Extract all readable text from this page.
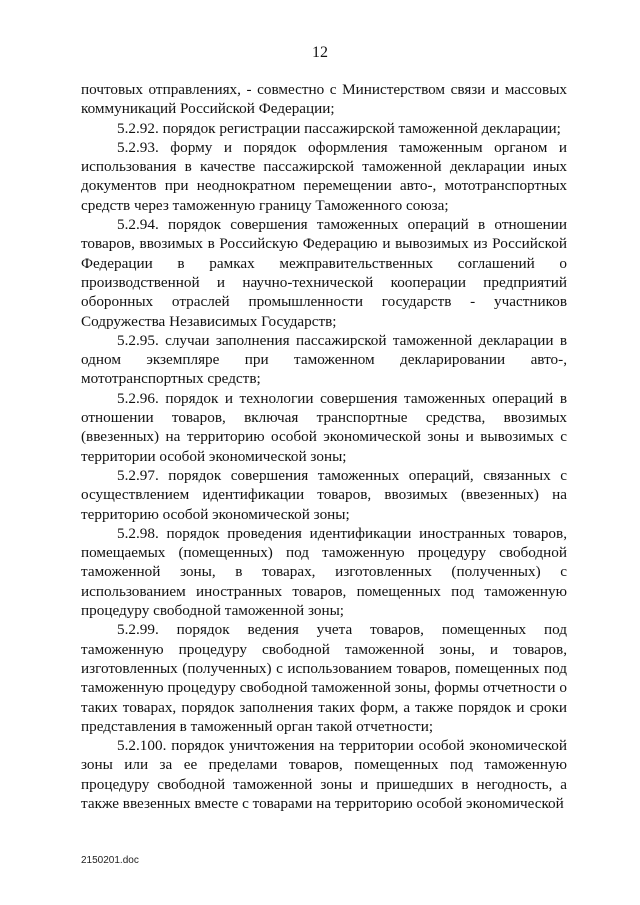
12

почтовых отправлениях, - совместно с Министерством связи и массовых коммуникаций Российской Федерации;

5.2.92. порядок регистрации пассажирской таможенной декларации;

5.2.93. форму и порядок оформления таможенным органом и использования в качестве пассажирской таможенной декларации иных документов при неоднократном перемещении авто-, мототранспортных средств через таможенную границу Таможенного союза;

5.2.94. порядок совершения таможенных операций в отношении товаров, ввозимых в Российскую Федерацию и вывозимых из Российской Федерации в рамках межправительственных соглашений о производственной и научно-технической кооперации предприятий оборонных отраслей промышленности государств - участников Содружества Независимых Государств;

5.2.95. случаи заполнения пассажирской таможенной декларации в одном экземпляре при таможенном декларировании авто-, мототранспортных средств;

5.2.96. порядок и технологии совершения таможенных операций в отношении товаров, включая транспортные средства, ввозимых (ввезенных) на территорию особой экономической зоны и вывозимых с территории особой экономической зоны;

5.2.97. порядок совершения таможенных операций, связанных с осуществлением идентификации товаров, ввозимых (ввезенных) на территорию особой экономической зоны;

5.2.98. порядок проведения идентификации иностранных товаров, помещаемых (помещенных) под таможенную процедуру свободной таможенной зоны, в товарах, изготовленных (полученных) с использованием иностранных товаров, помещенных под таможенную процедуру свободной таможенной зоны;

5.2.99. порядок ведения учета товаров, помещенных под таможенную процедуру свободной таможенной зоны, и товаров, изготовленных (полученных) с использованием товаров, помещенных под таможенную процедуру свободной таможенной зоны, формы отчетности о таких товарах, порядок заполнения таких форм, а также порядок и сроки представления в таможенный орган такой отчетности;

5.2.100. порядок уничтожения на территории особой экономической зоны или за ее пределами товаров, помещенных под таможенную процедуру свободной таможенной зоны и пришедших в негодность, а также ввезенных вместе с товарами на территорию особой экономической

2150201.doc
